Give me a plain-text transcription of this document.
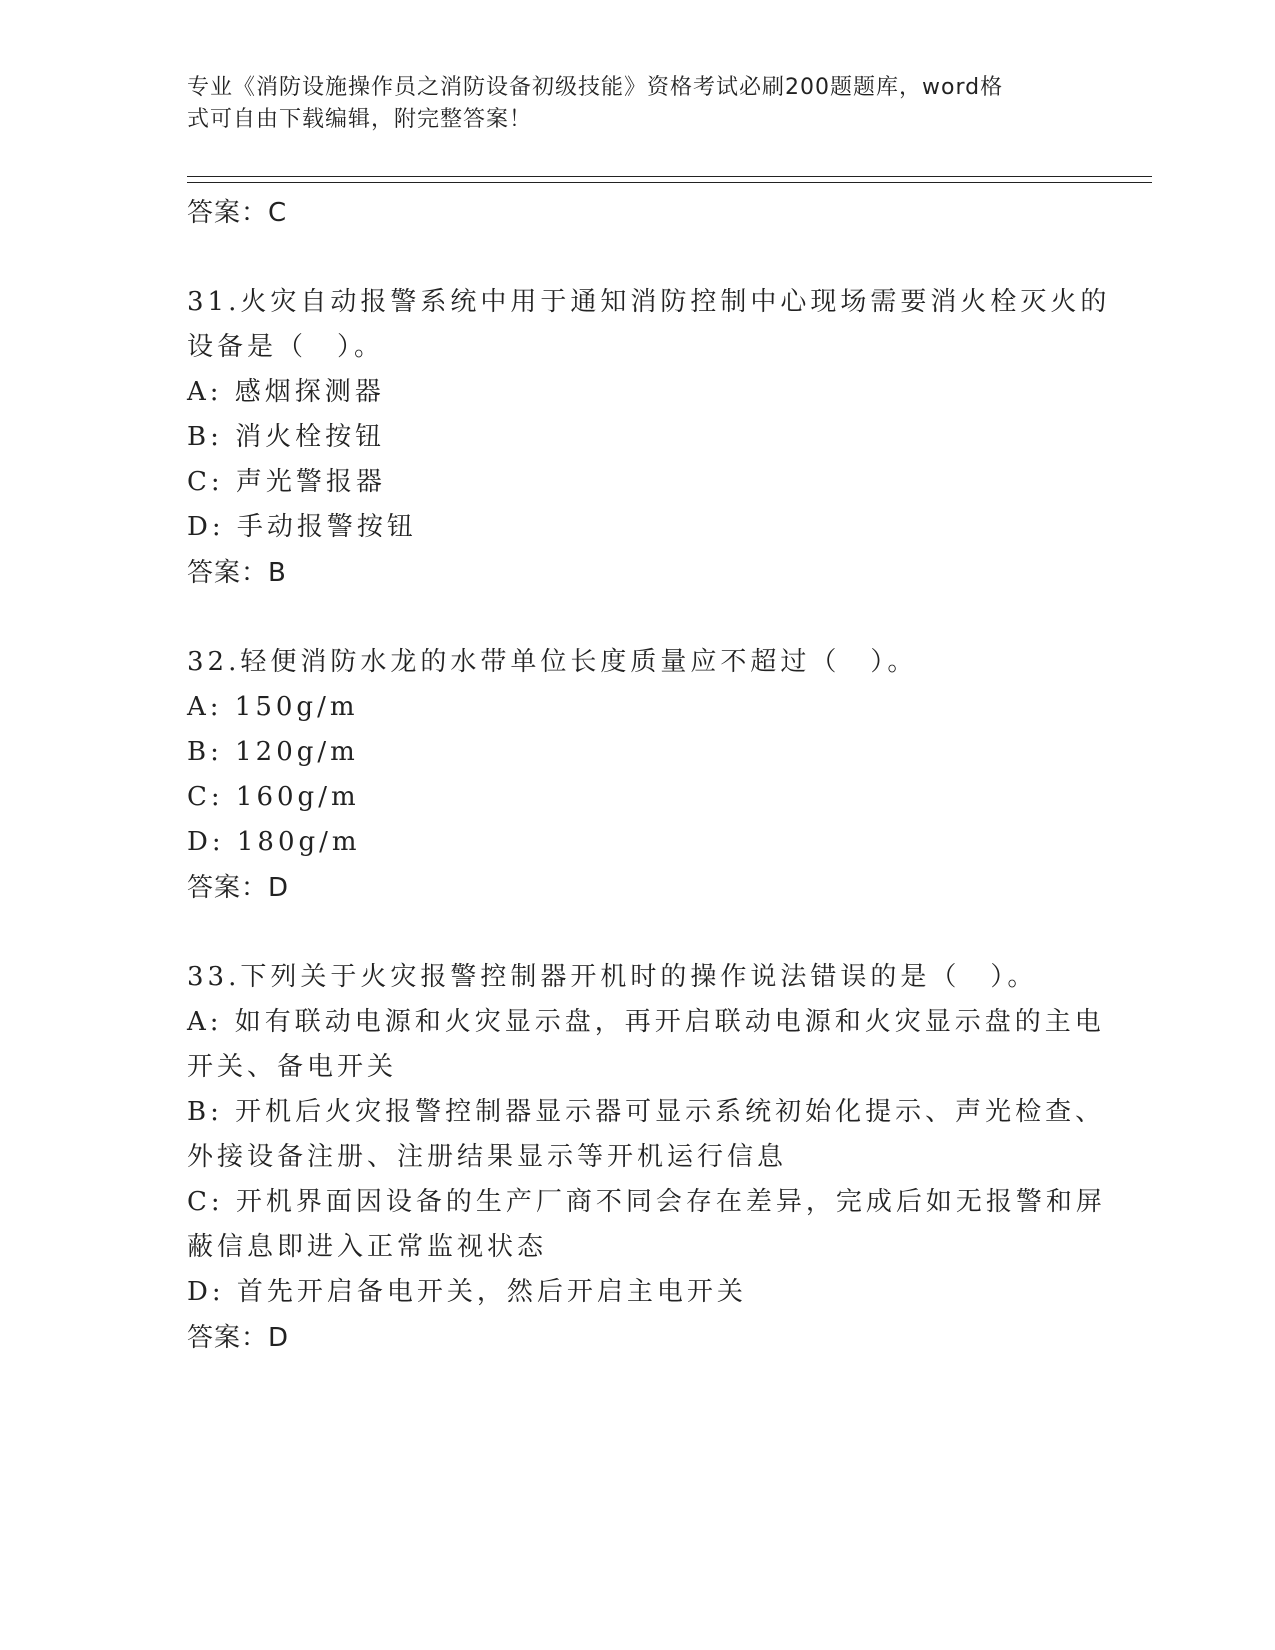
专业《消防设施操作员之消防设备初级技能》资格考试必刷200题题库，word格
式可自由下载编辑，附完整答案！
答案：C
31.火灾自动报警系统中用于通知消防控制中心现场需要消火栓灭火的
设备是（　）。
A: 感烟探测器
B: 消火栓按钮
C: 声光警报器
D: 手动报警按钮
答案：B
32.轻便消防水龙的水带单位长度质量应不超过（　）。
A: 150g/m
B: 120g/m
C: 160g/m
D: 180g/m
答案：D
33.下列关于火灾报警控制器开机时的操作说法错误的是（　）。
A: 如有联动电源和火灾显示盘，再开启联动电源和火灾显示盘的主电
开关、备电开关
B: 开机后火灾报警控制器显示器可显示系统初始化提示、声光检查、
外接设备注册、注册结果显示等开机运行信息
C: 开机界面因设备的生产厂商不同会存在差异，完成后如无报警和屏
蔽信息即进入正常监视状态
D: 首先开启备电开关，然后开启主电开关
答案：D
